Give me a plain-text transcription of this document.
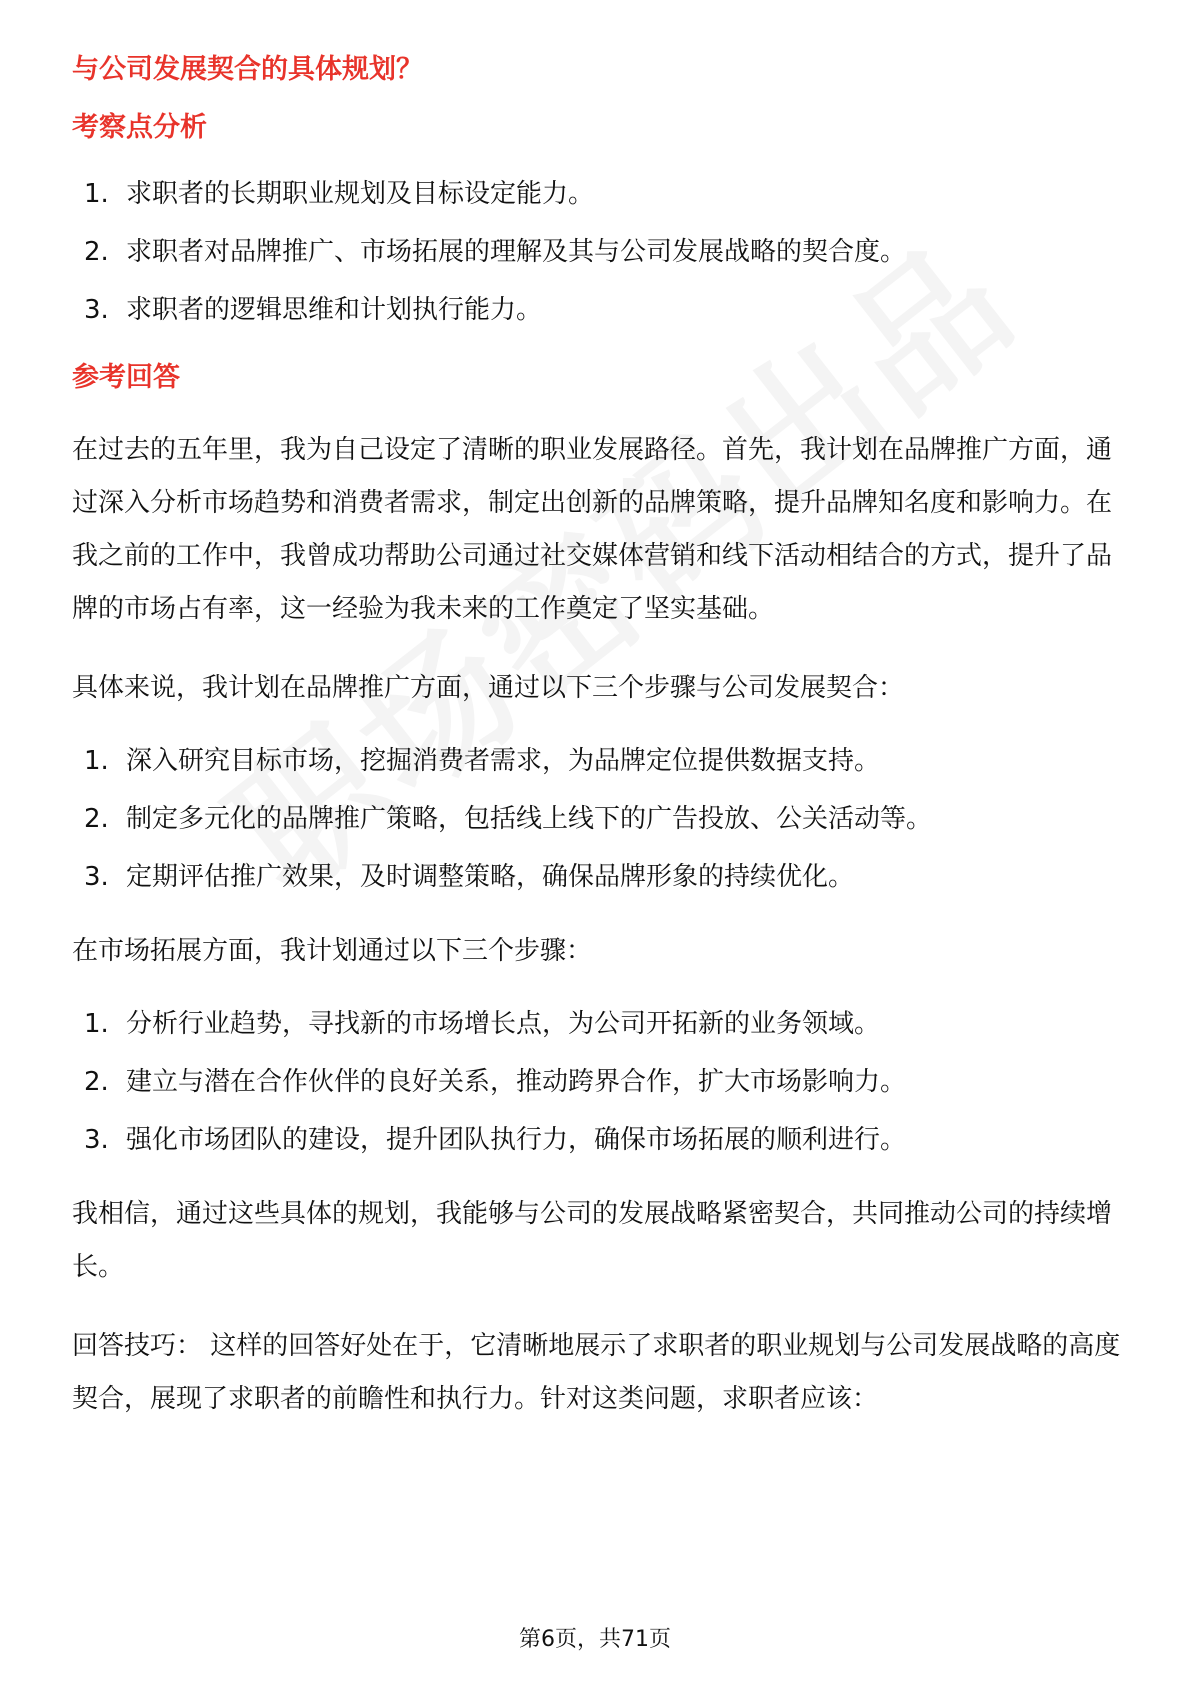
与公司发展契合的具体规划？
考察点分析
1. 求职者的长期职业规划及目标设定能力。
2. 求职者对品牌推广、市场拓展的理解及其与公司发展战略的契合度。
3. 求职者的逻辑思维和计划执行能力。
参考回答

在过去的五年里，我为自己设定了清晰的职业发展路径。首先，我计划在品牌推广方面，通过深入分析市场趋势和消费者需求，制定出创新的品牌策略，提升品牌知名度和影响力。在我之前的工作中，我曾成功帮助公司通过社交媒体营销和线下活动相结合的方式，提升了品牌的市场占有率，这一经验为我未来的工作奠定了坚实基础。

具体来说，我计划在品牌推广方面，通过以下三个步骤与公司发展契合：

1. 深入研究目标市场，挖掘消费者需求，为品牌定位提供数据支持。
2. 制定多元化的品牌推广策略，包括线上线下的广告投放、公关活动等。
3. 定期评估推广效果，及时调整策略，确保品牌形象的持续优化。

在市场拓展方面，我计划通过以下三个步骤：

1. 分析行业趋势，寻找新的市场增长点，为公司开拓新的业务领域。
2. 建立与潜在合作伙伴的良好关系，推动跨界合作，扩大市场影响力。
3. 强化市场团队的建设，提升团队执行力，确保市场拓展的顺利进行。

我相信，通过这些具体的规划，我能够与公司的发展战略紧密契合，共同推动公司的持续增长。

回答技巧： 这样的回答好处在于，它清晰地展示了求职者的职业规划与公司发展战略的高度契合，展现了求职者的前瞻性和执行力。针对这类问题，求职者应该：

第6页，共71页
